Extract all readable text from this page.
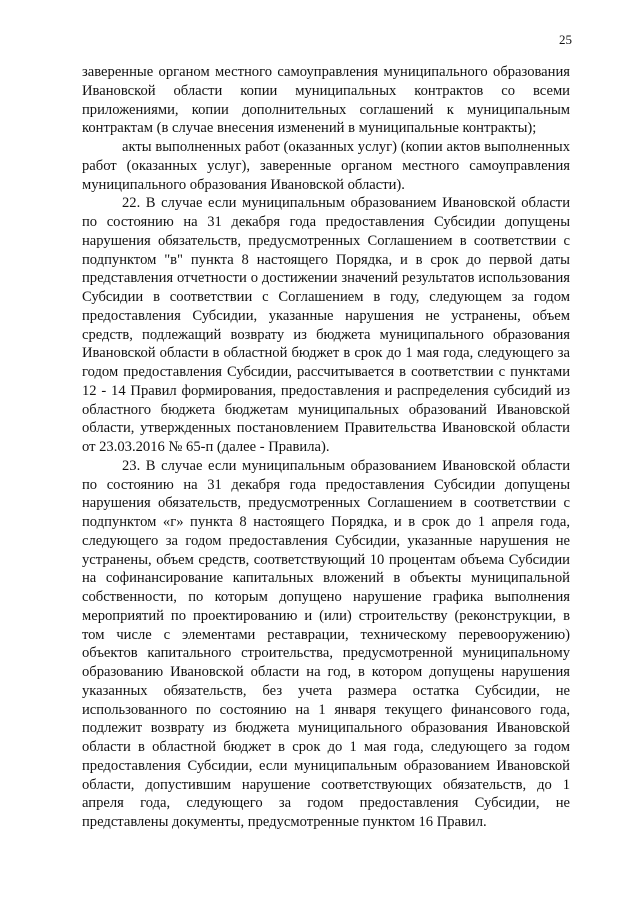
25

заверенные органом местного самоуправления муниципального образования Ивановской области копии муниципальных контрактов со всеми приложениями, копии дополнительных соглашений к муниципальным контрактам (в случае внесения изменений в муниципальные контракты);

акты выполненных работ (оказанных услуг) (копии актов выполненных работ (оказанных услуг), заверенные органом местного самоуправления муниципального образования Ивановской области).

22. В случае если муниципальным образованием Ивановской области по состоянию на 31 декабря года предоставления Субсидии допущены нарушения обязательств, предусмотренных Соглашением в соответствии с подпунктом "в" пункта 8 настоящего Порядка, и в срок до первой даты представления отчетности о достижении значений результатов использования Субсидии в соответствии с Соглашением в году, следующем за годом предоставления Субсидии, указанные нарушения не устранены, объем средств, подлежащий возврату из бюджета муниципального образования Ивановской области в областной бюджет в срок до 1 мая года, следующего за годом предоставления Субсидии, рассчитывается в соответствии с пунктами 12 - 14 Правил формирования, предоставления и распределения субсидий из областного бюджета бюджетам муниципальных образований Ивановской области, утвержденных постановлением Правительства Ивановской области от 23.03.2016 № 65-п (далее - Правила).

23. В случае если муниципальным образованием Ивановской области по состоянию на 31 декабря года предоставления Субсидии допущены нарушения обязательств, предусмотренных Соглашением в соответствии с подпунктом «г» пункта 8 настоящего Порядка, и в срок до 1 апреля года, следующего за годом предоставления Субсидии, указанные нарушения не устранены, объем средств, соответствующий 10 процентам объема Субсидии на софинансирование капитальных вложений в объекты муниципальной собственности, по которым допущено нарушение графика выполнения мероприятий по проектированию и (или) строительству (реконструкции, в том числе с элементами реставрации, техническому перевооружению) объектов капитального строительства, предусмотренной муниципальному образованию Ивановской области на год, в котором допущены нарушения указанных обязательств, без учета размера остатка Субсидии, не использованного по состоянию на 1 января текущего финансового года, подлежит возврату из бюджета муниципального образования Ивановской области в областной бюджет в срок до 1 мая года, следующего за годом предоставления Субсидии, если муниципальным образованием Ивановской области, допустившим нарушение соответствующих обязательств, до 1 апреля года, следующего за годом предоставления Субсидии, не представлены документы, предусмотренные пунктом 16 Правил.
